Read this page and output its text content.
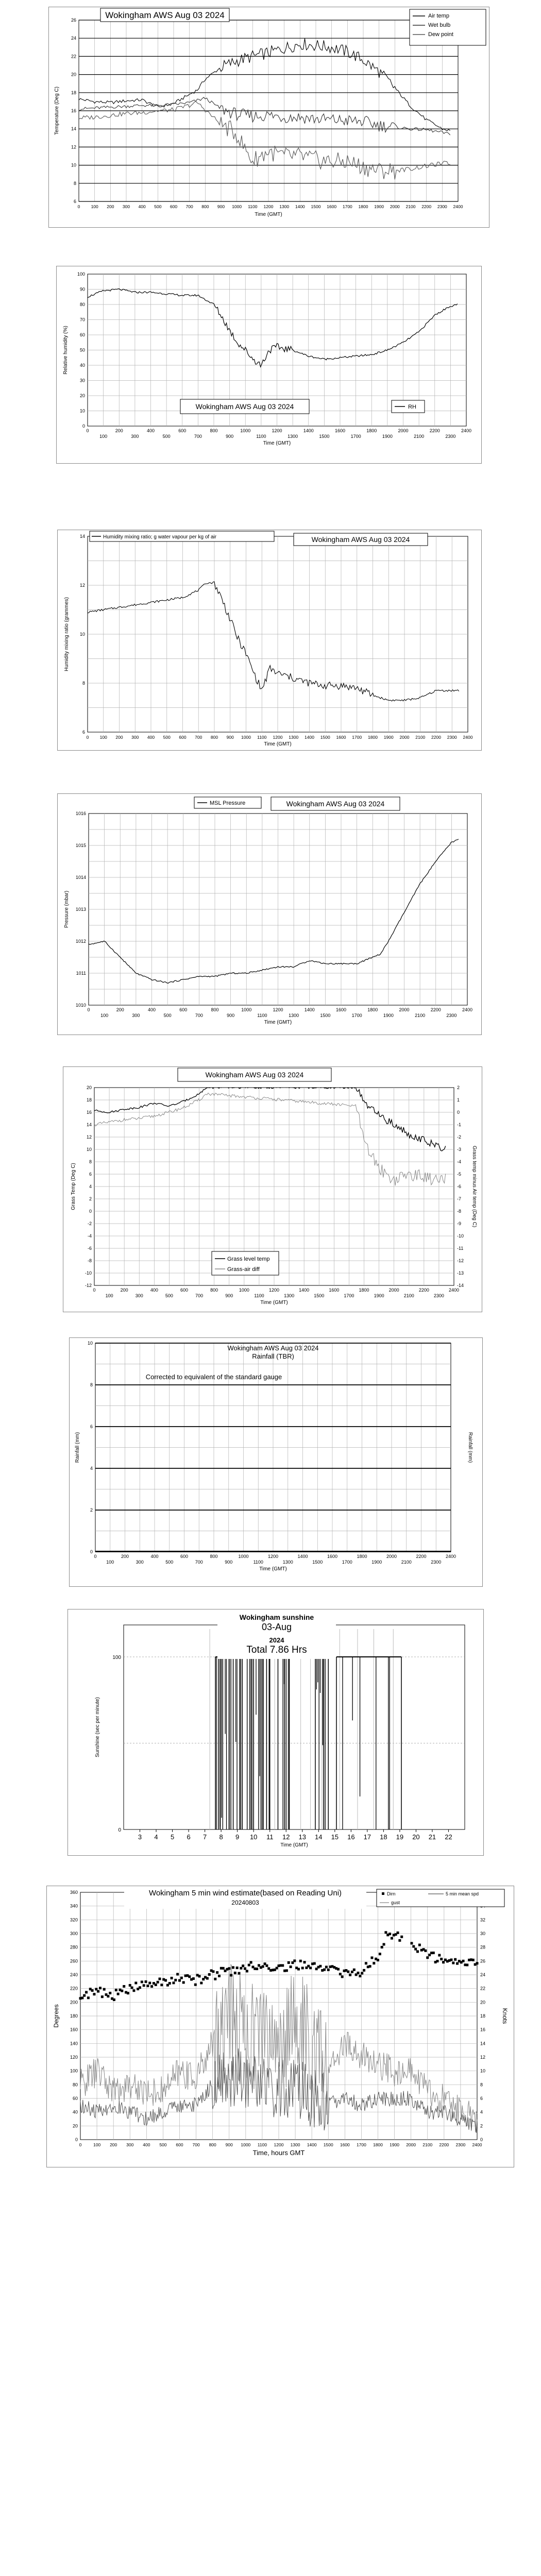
26
24
22
20
18
16
14
12
10
8
6
0 100 200 300 400 500 600 700 800 900 1000 1100 1200 1300 1400 1500 1600 1700 1800 1900 2000 2100 2200 2300 2400
Time (GMT)
Temperature (Deg C)
Wokingham AWS Aug 03 2024	Air temp
Wet bulb
Dew point
100
90
80
70
60
50
40
30
20
10
0
0	200	400	600	800	1000	1200	1400	1600	1800	2000	2200	2400
100	300	500	700	900	1100	1300	1500	1700	1900	2100	2300
Time (GMT)
Relative humidity (%)
Wokingham AWS Aug 03 2024	RH
14
12
10
8
6
0	100 200 300 400 500 600 700 800 900 1000 1100 1200 1300 1400 1500 1600 1700 1800 1900 2000 2100 2200 2300 2400
Time (GMT)
Humidity mixing ratio (grammes)
Humidity mixing ratio; g water vapour per kg of air	Wokingham AWS Aug 03 2024
1016
1015
1014
1013
1012
1011
1010
0	200	400	600	800	1000	1200	1400	1600	1800	2000	2200	2400
100	300	500	700	900	1100	1300	1500	1700	1900	2100	2300
Time (GMT)
Pressure (mbar)
MSL Pressure	Wokingham AWS Aug 03 2024
20
18
16
14
12
10
8
6
4
2
0
-2
-4
-6
-8
-10
-12
2
1
0
-1
-2
-3
-4
-5
-6
-7
-8
-9
-10
-11
-12
-13
-14
0	200	400	600	800	1000	1200	1400	1600	1800	2000	2200	2400
100	300	500	700	900	1100	1300	1500	1700	1900	2100	2300
Time (GMT)
Grass Temp (Deg C)	Grass temp minus Air temp (Deg C)
Wokingham AWS Aug 03 2024
Grass level temp
Grass-air diff
10
8
6
4
2
0
0	200	400	600	800	1000	1200	1400	1600	1800	2000	2200	2400
100	300	500	700	900	1100	1300	1500	1700	1900	2100	2300
Time (GMT)
Rainfall (mm)	Rainfall (mm)
Wokingham AWS Aug 03 2024
Rainfall (TBR)
Corrected to equivalent of the standard gauge
3 4 5 6 7 8 9 10 11 12 13 14 15 16 17 18 19 20 21 22
100
0
Time (GMT)
Sunshine (sec per minute)
Wokingham sunshine
03-Aug
2024
Total 7.86 Hrs
360
340
320
300
280
260
240
220
200
180
160
140
120
100
80
60
40
20
0
32
30
28
26
24
22
20
18
16
14
12
10
8
6
4
2
0
0	100 200 300 400 500 600 700 800 900 1000 1100 1200 1300 1400 1500 1600 1700 1800 1900 2000 2100 2200 2300 2400
Time, hours GMT
Degrees	Knots
Wokingham 5 min wind estimate(based on Reading Uni)
20240803
Dirn	5 min mean spd
gust
